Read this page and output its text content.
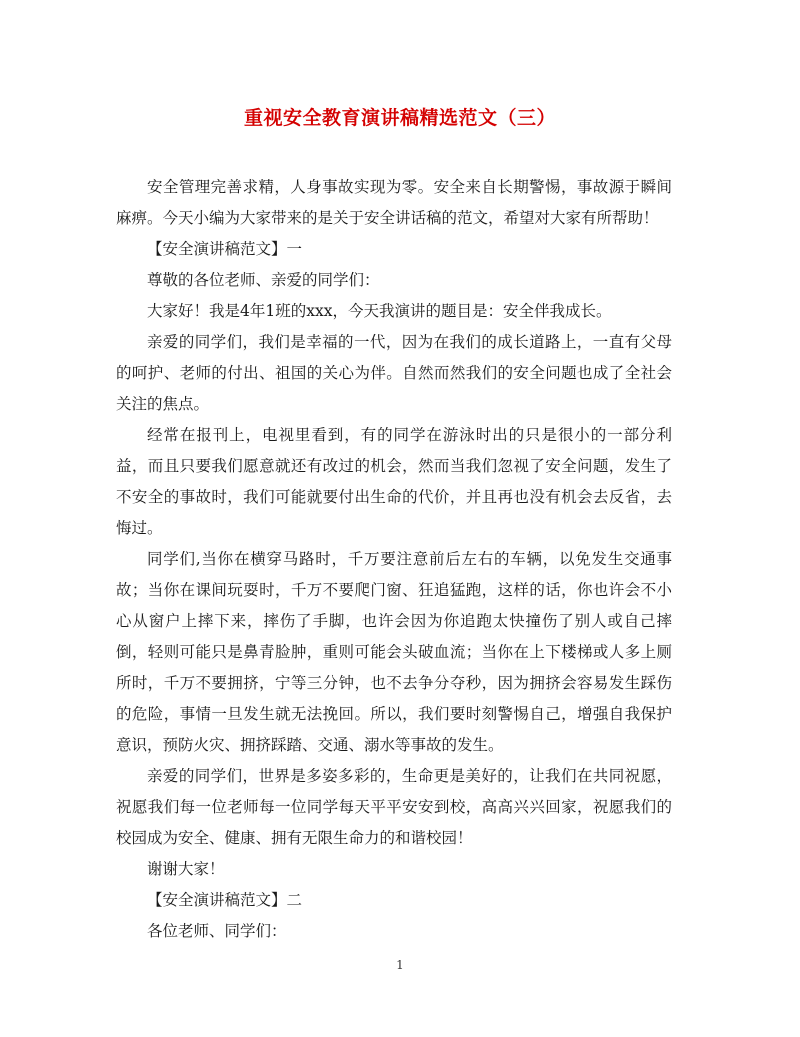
重视安全教育演讲稿精选范文（三）

安全管理完善求精，人身事故实现为零。安全来自长期警惕，事故源于瞬间麻痹。今天小编为大家带来的是关于安全讲话稿的范文，希望对大家有所帮助！

【安全演讲稿范文】一

尊敬的各位老师、亲爱的同学们：

大家好！我是4年1班的xxx，今天我演讲的题目是：安全伴我成长。

亲爱的同学们，我们是幸福的一代，因为在我们的成长道路上，一直有父母的呵护、老师的付出、祖国的关心为伴。自然而然我们的安全问题也成了全社会关注的焦点。

经常在报刊上，电视里看到，有的同学在游泳时出的只是很小的一部分利益，而且只要我们愿意就还有改过的机会，然而当我们忽视了安全问题，发生了不安全的事故时，我们可能就要付出生命的代价，并且再也没有机会去反省，去悔过。

同学们,当你在横穿马路时，千万要注意前后左右的车辆，以免发生交通事故；当你在课间玩耍时，千万不要爬门窗、狂追猛跑，这样的话，你也许会不小心从窗户上摔下来，摔伤了手脚，也许会因为你追跑太快撞伤了别人或自己摔倒，轻则可能只是鼻青脸肿，重则可能会头破血流；当你在上下楼梯或人多上厕所时，千万不要拥挤，宁等三分钟，也不去争分夺秒，因为拥挤会容易发生踩伤的危险，事情一旦发生就无法挽回。所以，我们要时刻警惕自己，增强自我保护意识，预防火灾、拥挤踩踏、交通、溺水等事故的发生。

亲爱的同学们，世界是多姿多彩的，生命更是美好的，让我们在共同祝愿，祝愿我们每一位老师每一位同学每天平平安安到校，高高兴兴回家，祝愿我们的校园成为安全、健康、拥有无限生命力的和谐校园！

谢谢大家！

【安全演讲稿范文】二

各位老师、同学们：

1
